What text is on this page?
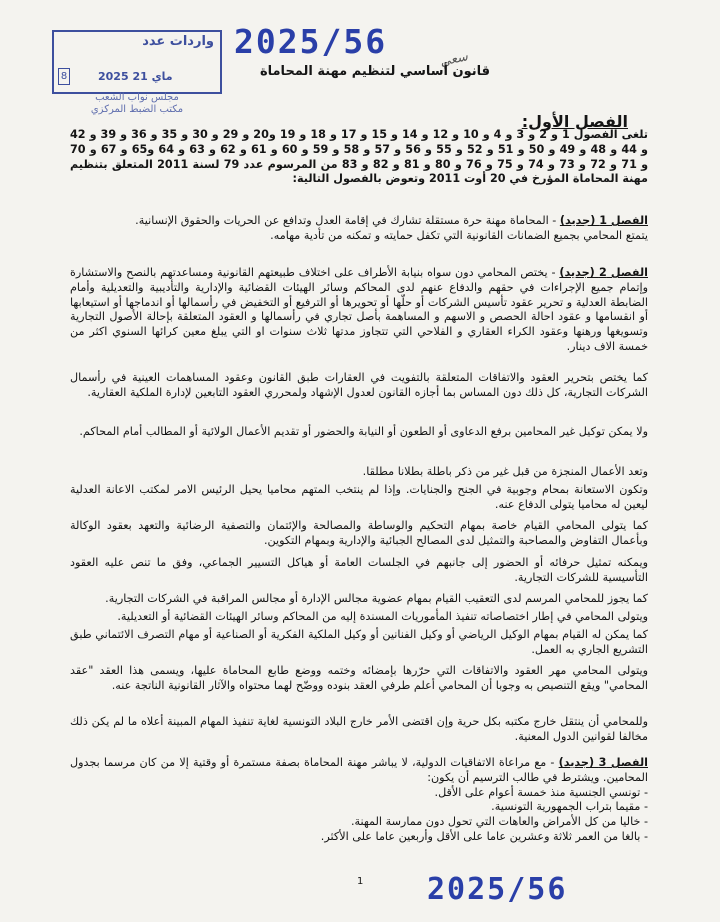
واردات عدد
8	2025 ماي 21
مجلس نواب الشعب
مكتب الضبط المركزي
2025/56	سعي
قانون أساسي لتنظيم مهنة المحاماة
الفصل الأول:
تلغى الفصول 1 و 2 و 3 و 4 و 10 و 12 و 14 و 15 و 17 و 18 و 19 و20 و 29 و 30 و 35 و 36 و 39 و 42 و 44 و 48 و 49 و 50 و 51 و 52 و 55 و 56 و 57 و 58 و 59 و 60 و 61 و 62 و 63 و 64 و65 و 67 و 70 و 71 و 72 و 73 و 74 و 75 و 76 و 80 و 81 و 82 و 83 من المرسوم عدد 79 لسنة 2011 المتعلق بتنظيم مهنة المحاماة المؤرخ في 20 أوت 2011 وتعوض بالفصول التالية:
الفصل 1 (جديد) - المحاماة مهنة حرة مستقلة تشارك في إقامة العدل وتدافع عن الحريات والحقوق الإنسانية.
يتمتع المحامي بجميع الضمانات القانونية التي تكفل حمايته و تمكنه من تأدية مهامه.
الفصل 2 (جديد) - يختص المحامي دون سواه بنيابة الأطراف على اختلاف طبيعتهم القانونية ومساعدتهم بالنصح والاستشارة وإتمام جميع الإجراءات في حقهم والدفاع عنهم لدى المحاكم وسائر الهيئات القضائية والإدارية والتأديبية والتعديلية وأمام الضابطة العدلية و تحرير عقود تأسيس الشركات أو حلّها أو تحويرها أو الترفيع أو التخفيض في رأسمالها أو اندماجها أو استيعابها أو انقسامها و عقود احالة الحصص و الاسهم و المساهمة بأصل تجاري في رأسمالها و العقود المتعلقة بإحالة الأصول التجارية وتسويغها ورهنها وعقود الكراء العقاري و الفلاحي التي تتجاوز مدتها ثلاث سنوات او التي يبلغ معين كرائها السنوي اكثر من خمسة الاف دينار.
كما يختص بتحرير العقود والاتفاقات المتعلقة بالتفويت في العقارات طبق القانون وعقود المساهمات العينية في رأسمال الشركات التجارية، كل ذلك دون المساس بما أجازه القانون لعدول الإشهاد ولمحرري العقود التابعين لإدارة الملكية العقارية.
ولا يمكن توكيل غير المحامين برفع الدعاوى أو الطعون أو النيابة والحضور أو تقديم الأعمال الولائية أو المطالب أمام المحاكم.
وتعد الأعمال المنجزة من قبل غير من ذكر باطلة بطلانا مطلقا.
وتكون الاستعانة بمحام وجوبية في الجنح والجنايات. وإذا لم ينتخب المتهم محاميا يحيل الرئيس الامر لمكتب الاعانة العدلية ليعين له محاميا يتولى الدفاع عنه.
كما يتولى المحامي القيام خاصة بمهام التحكيم والوساطة والمصالحة والإئتمان والتصفية الرضائية والتعهد بعقود الوكالة وبأعمال التفاوض والمصاحبة والتمثيل لدى المصالح الجبائية والإدارية وبمهام التكوين.
ويمكنه تمثيل حرفائه أو الحضور إلى جانبهم في الجلسات العامة أو هياكل التسيير الجماعي، وفق ما تنص عليه العقود التأسيسية للشركات التجارية.
كما يجوز للمحامي المرسم لدى التعقيب القيام بمهام عضوية مجالس الإدارة أو مجالس المراقبة في الشركات التجارية.
ويتولى المحامي في إطار اختصاصاته تنفيذ المأموريات المسندة إليه من المحاكم وسائر الهيئات القضائية أو التعديلية.
كما يمكن له القيام بمهام الوكيل الرياضي أو وكيل الفنانين أو وكيل الملكية الفكرية أو الصناعية أو مهام التصرف الائتماني طبق التشريع الجاري به العمل.
ويتولى المحامي مهر العقود والاتفاقات التي حرّرها بإمضائه وختمه ووضع طابع المحاماة عليها، ويسمى هذا العقد "عقد المحامي" ويقع التنصيص به وجوبا أن المحامي أعلم طرفي العقد بنوده ووضّح لهما محتواه والآثار القانونية الناتجة عنه.
وللمحامي أن ينتقل خارج مكتبه بكل حرية وإن اقتضى الأمر خارج البلاد التونسية لغاية تنفيذ المهام المبينة أعلاه ما لم يكن ذلك مخالفا لقوانين الدول المعنية.
الفصل 3 (جديد) - مع مراعاة الاتفاقيات الدولية، لا يباشر مهنة المحاماة بصفة مستمرة أو وقتية إلا من كان مرسما بجدول المحامين. ويشترط في طالب الترسيم أن يكون:
- تونسي الجنسية منذ خمسة أعوام على الأقل.
- مقيما بتراب الجمهورية التونسية.
- خاليا من كل الأمراض والعاهات التي تحول دون ممارسة المهنة.
- بالغا من العمر ثلاثة وعشرين عاما على الأقل وأربعين عاما على الأكثر.
1 2025/56
